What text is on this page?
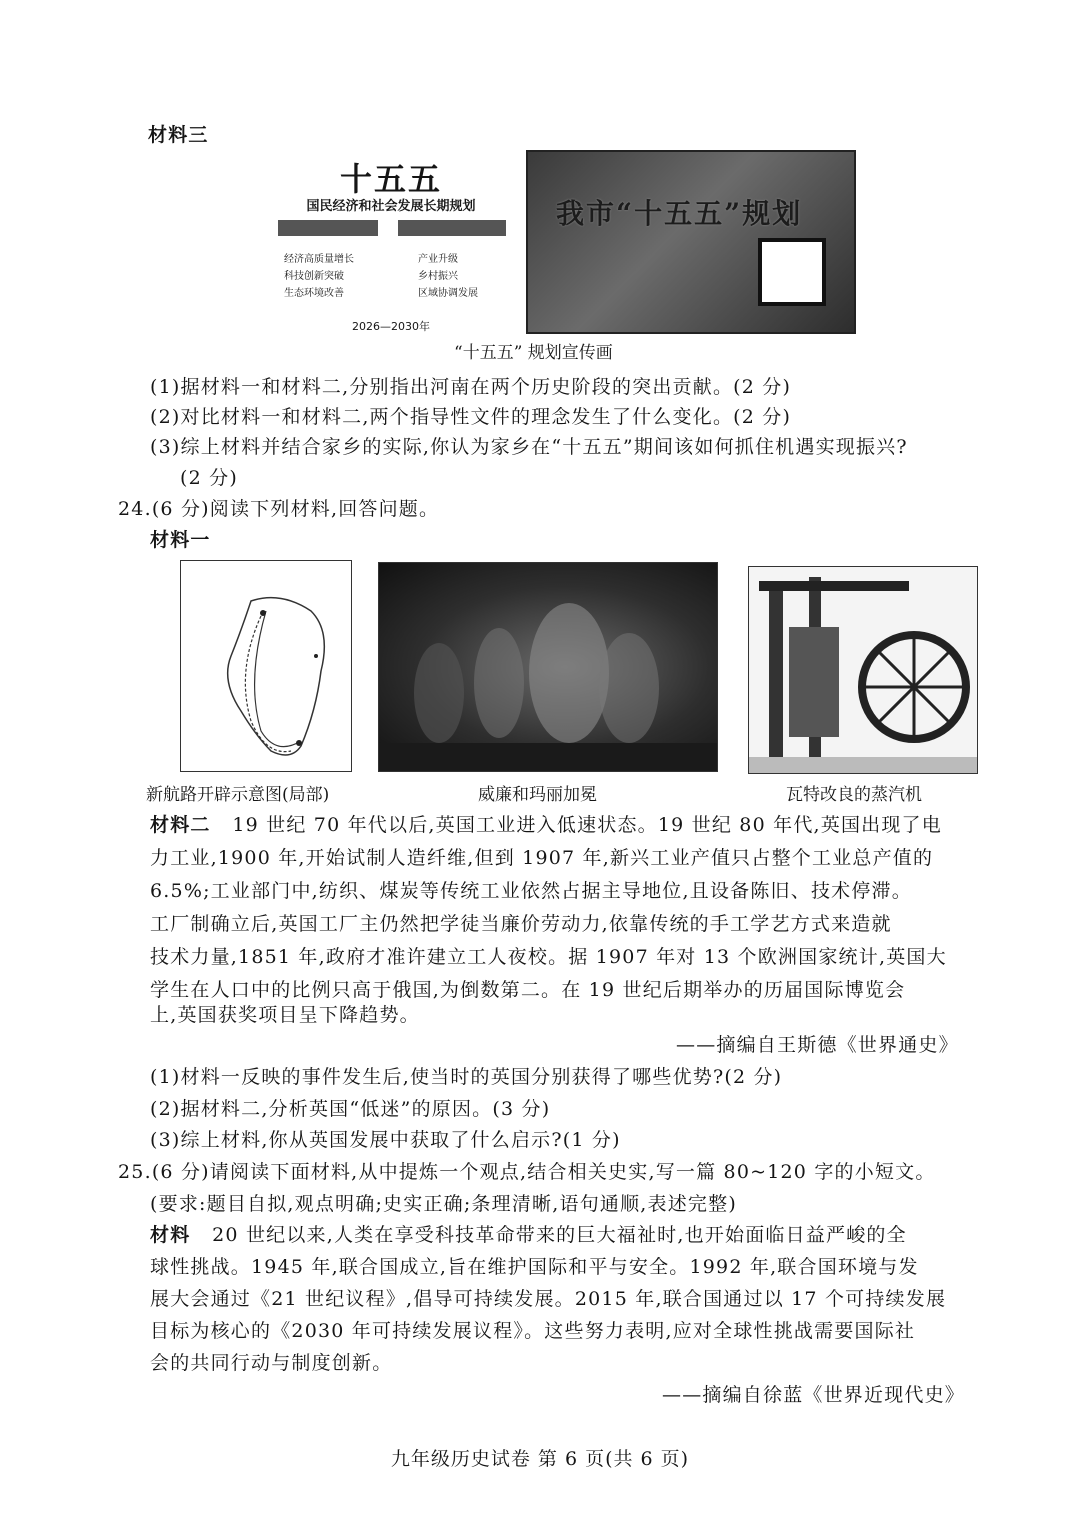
材料三
十五五
国民经济和社会发展长期规划
经济高质量增长
科技创新突破
生态环境改善
产业升级
乡村振兴
区域协调发展
2026—2030年
我市“十五五”规划
“十五五” 规划宣传画
(1)据材料一和材料二,分别指出河南在两个历史阶段的突出贡献。(2 分)
(2)对比材料一和材料二,两个指导性文件的理念发生了什么变化。(2 分)
(3)综上材料并结合家乡的实际,你认为家乡在“十五五”期间该如何抓住机遇实现振兴?
(2 分)
24.(6 分)阅读下列材料,回答问题。
材料一
新航路开辟示意图(局部)	威廉和玛丽加冕	瓦特改良的蒸汽机
材料二 19 世纪 70 年代以后,英国工业进入低速状态。19 世纪 80 年代,英国出现了电
力工业,1900 年,开始试制人造纤维,但到 1907 年,新兴工业产值只占整个工业总产值的
6.5%;工业部门中,纺织、煤炭等传统工业依然占据主导地位,且设备陈旧、技术停滞。
工厂制确立后,英国工厂主仍然把学徒当廉价劳动力,依靠传统的手工学艺方式来造就
技术力量,1851 年,政府才准许建立工人夜校。据 1907 年对 13 个欧洲国家统计,英国大
学生在人口中的比例只高于俄国,为倒数第二。在 19 世纪后期举办的历届国际博览会
上,英国获奖项目呈下降趋势。
——摘编自王斯德《世界通史》
(1)材料一反映的事件发生后,使当时的英国分别获得了哪些优势?(2 分)
(2)据材料二,分析英国“低迷”的原因。(3 分)
(3)综上材料,你从英国发展中获取了什么启示?(1 分)
25.(6 分)请阅读下面材料,从中提炼一个观点,结合相关史实,写一篇 80~120 字的小短文。
(要求:题目自拟,观点明确;史实正确;条理清晰,语句通顺,表述完整)
材料 20 世纪以来,人类在享受科技革命带来的巨大福祉时,也开始面临日益严峻的全
球性挑战。1945 年,联合国成立,旨在维护国际和平与安全。1992 年,联合国环境与发
展大会通过《21 世纪议程》,倡导可持续发展。2015 年,联合国通过以 17 个可持续发展
目标为核心的《2030 年可持续发展议程》。这些努力表明,应对全球性挑战需要国际社
会的共同行动与制度创新。
——摘编自徐蓝《世界近现代史》
九年级历史试卷 第 6 页(共 6 页)
